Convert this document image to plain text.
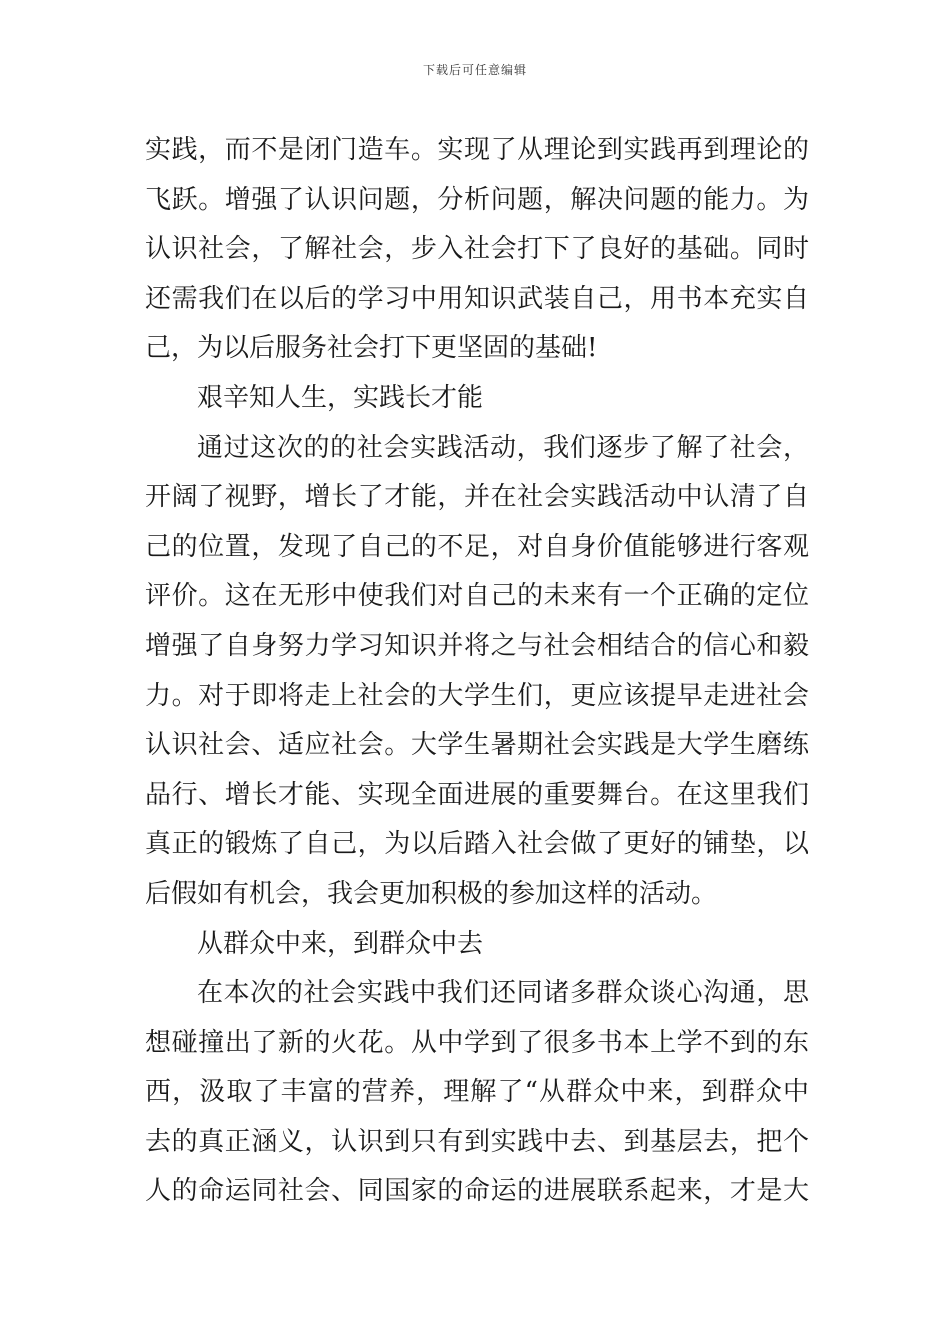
下载后可任意编辑
实践，而不是闭门造车。实现了从理论到实践再到理论的
飞跃。增强了认识问题，分析问题，解决问题的能力。为
认识社会，了解社会，步入社会打下了良好的基础。同时
还需我们在以后的学习中用知识武装自己，用书本充实自
己，为以后服务社会打下更坚固的基础!
艰辛知人生，实践长才能
通过这次的的社会实践活动，我们逐步了解了社会，
开阔了视野，增长了才能，并在社会实践活动中认清了自
己的位置，发现了自己的不足，对自身价值能够进行客观
评价。这在无形中使我们对自己的未来有一个正确的定位
增强了自身努力学习知识并将之与社会相结合的信心和毅
力。对于即将走上社会的大学生们，更应该提早走进社会
认识社会、适应社会。大学生暑期社会实践是大学生磨练
品行、增长才能、实现全面进展的重要舞台。在这里我们
真正的锻炼了自己，为以后踏入社会做了更好的铺垫，以
后假如有机会，我会更加积极的参加这样的活动。
从群众中来，到群众中去
在本次的社会实践中我们还同诸多群众谈心沟通，思
想碰撞出了新的火花。从中学到了很多书本上学不到的东
西，汲取了丰富的营养，理解了“从群众中来，到群众中
去的真正涵义，认识到只有到实践中去、到基层去，把个
人的命运同社会、同国家的命运的进展联系起来，才是大
